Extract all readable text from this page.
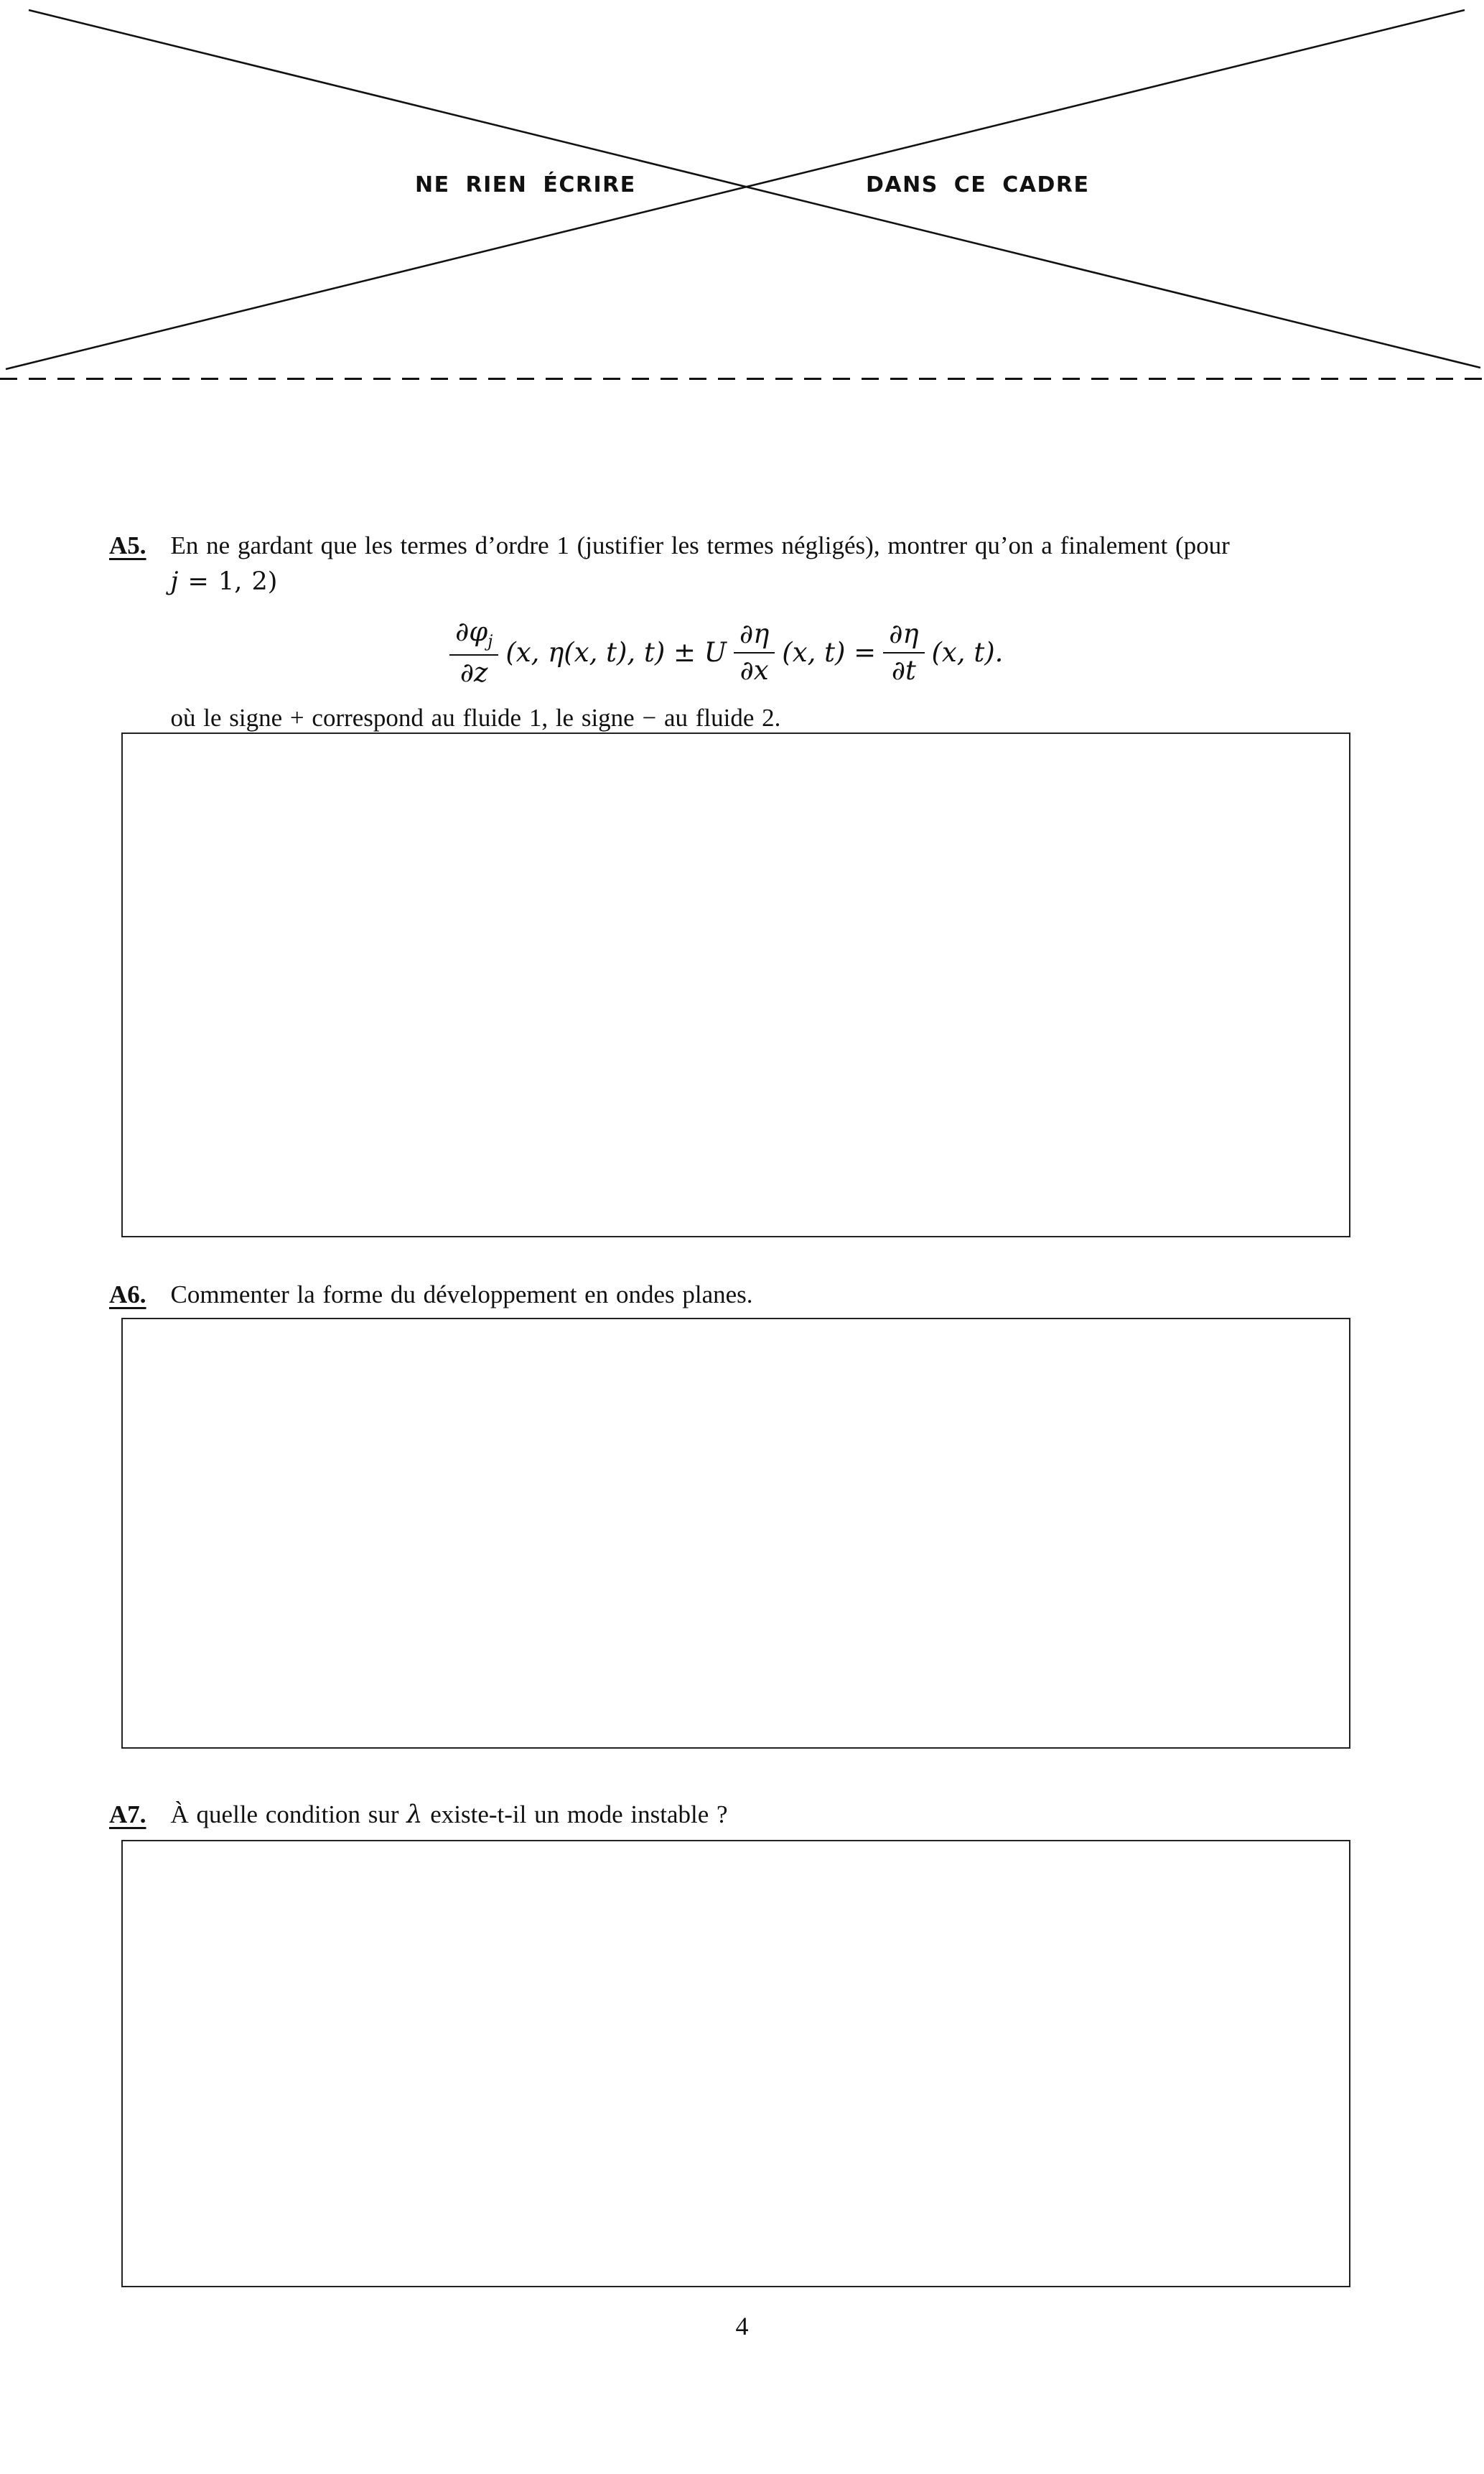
NE RIEN ÉCRIRE	DANS CE CADRE
A5. En ne gardant que les termes d’ordre 1 (justifier les termes négligés), montrer qu’on a finalement (pour
j = 1, 2)
$\frac{\partial\varphi_j}{\partial z} (x$, η(x, t), t) ± U $\frac{\partial\eta}{\partial x} (x$, $t) = \frac{\partial\eta}{\partial t} (x$, t).
où le signe + correspond au fluide 1, le signe − au fluide 2.
A6. Commenter la forme du développement en ondes planes.
A7. À quelle condition sur λ existe-t-il un mode instable ?
4
